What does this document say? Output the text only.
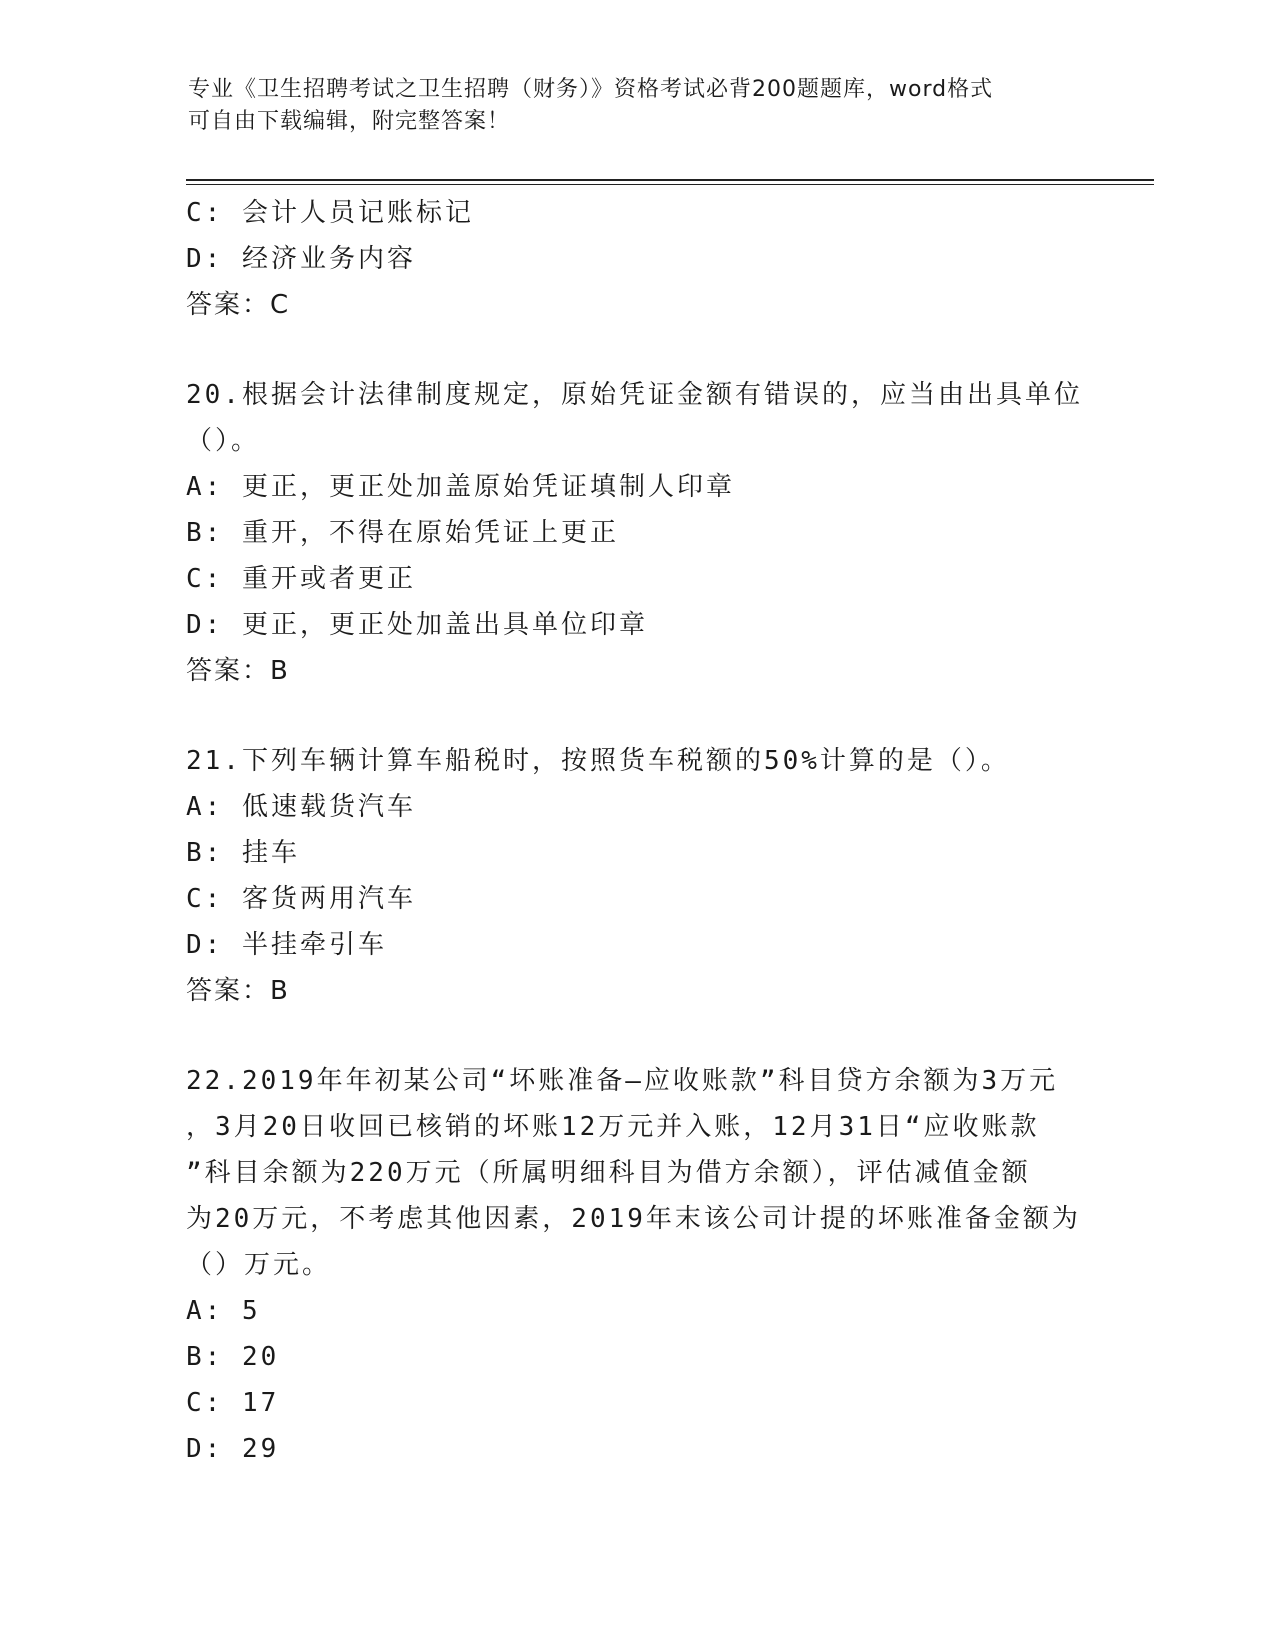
专业《卫生招聘考试之卫生招聘（财务）》资格考试必背200题题库，word格式
可自由下载编辑，附完整答案！
C: 会计人员记账标记
D: 经济业务内容
答案：C
20.根据会计法律制度规定，原始凭证金额有错误的，应当由出具单位
（）。
A: 更正，更正处加盖原始凭证填制人印章
B: 重开，不得在原始凭证上更正
C: 重开或者更正
D: 更正，更正处加盖出具单位印章
答案：B
21.下列车辆计算车船税时，按照货车税额的50%计算的是（）。
A: 低速载货汽车
B: 挂车
C: 客货两用汽车
D: 半挂牵引车
答案：B
22.2019年年初某公司“坏账准备—应收账款”科目贷方余额为3万元
，3月20日收回已核销的坏账12万元并入账，12月31日“应收账款
”科目余额为220万元（所属明细科目为借方余额），评估减值金额
为20万元，不考虑其他因素，2019年末该公司计提的坏账准备金额为
（）万元。
A: 5
B: 20
C: 17
D: 29
